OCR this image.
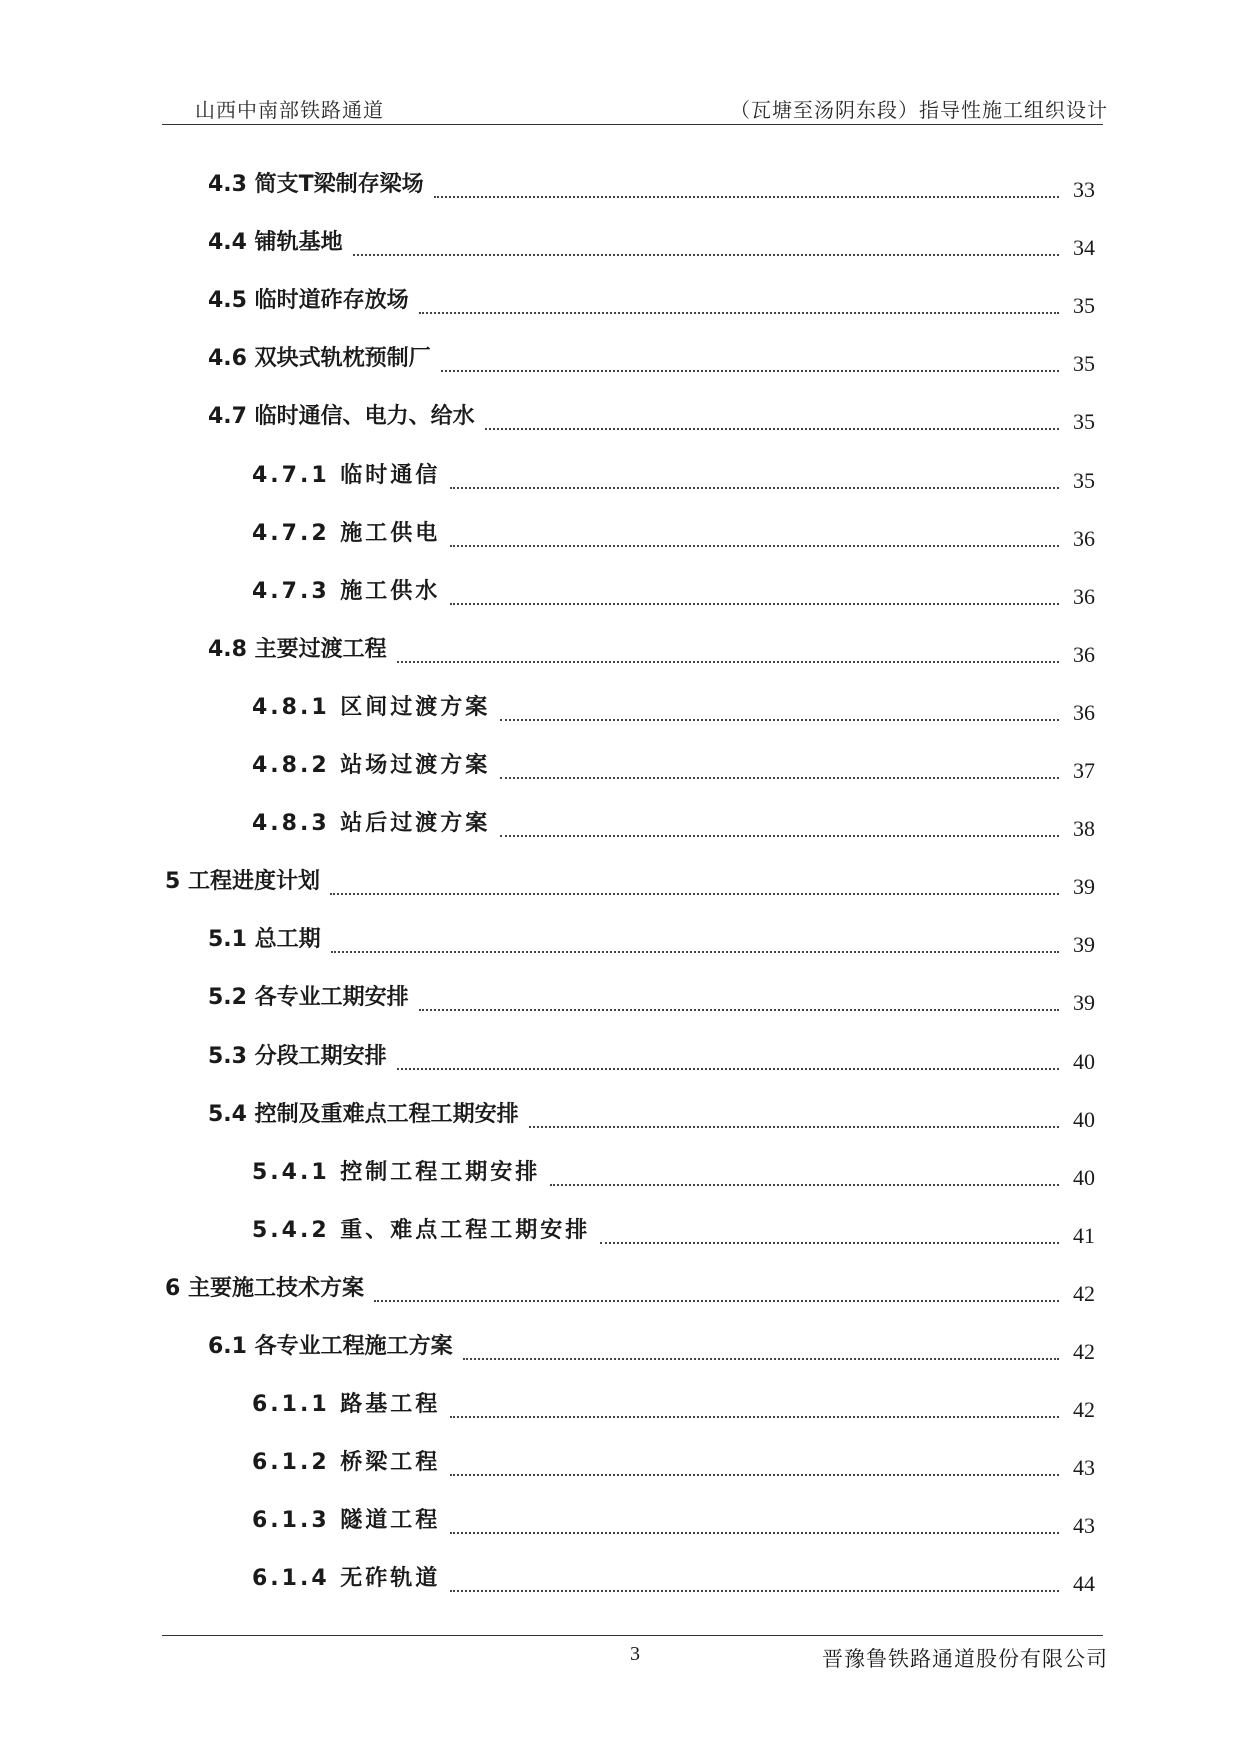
山西中南部铁路通道	（瓦塘至汤阴东段）指导性施工组织设计
4.3 简支T梁制存梁场	33
4.4 铺轨基地	34
4.5 临时道砟存放场	35
4.6 双块式轨枕预制厂	35
4.7 临时通信、电力、给水	35
4.7.1 临时通信	35
4.7.2 施工供电	36
4.7.3 施工供水	36
4.8 主要过渡工程	36
4.8.1 区间过渡方案	36
4.8.2 站场过渡方案	37
4.8.3 站后过渡方案	38
5 工程进度计划	39
5.1 总工期	39
5.2 各专业工期安排	39
5.3 分段工期安排	40
5.4 控制及重难点工程工期安排	40
5.4.1 控制工程工期安排	40
5.4.2 重、难点工程工期安排	41
6 主要施工技术方案	42
6.1 各专业工程施工方案	42
6.1.1 路基工程	42
6.1.2 桥梁工程	43
6.1.3 隧道工程	43
6.1.4 无砟轨道	44
3	晋豫鲁铁路通道股份有限公司
